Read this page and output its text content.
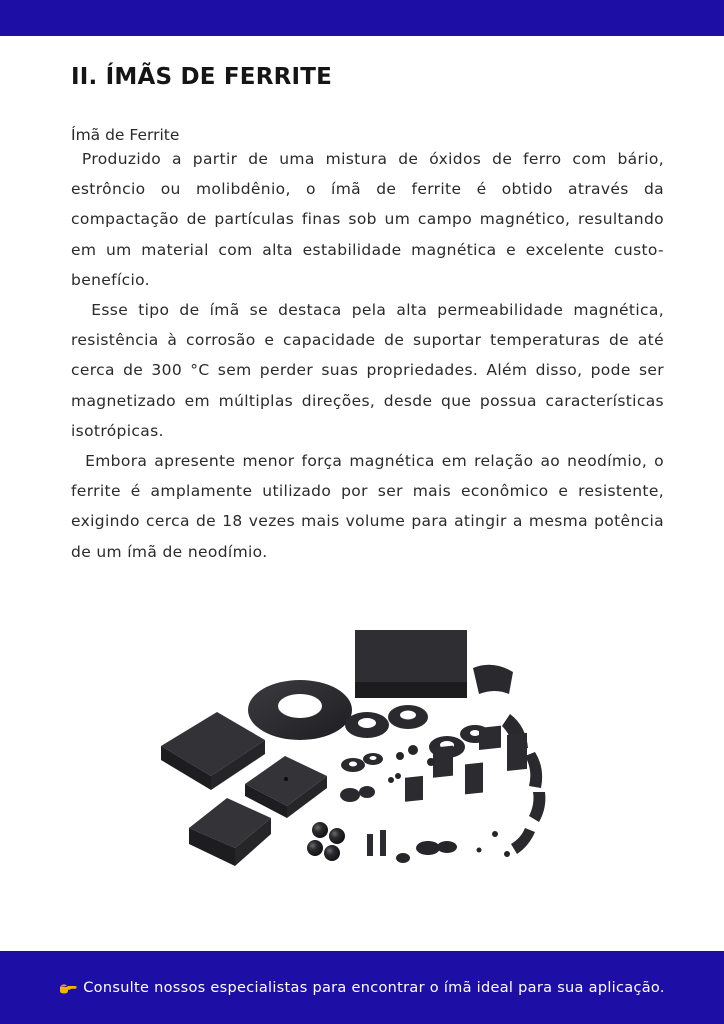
II. ÍMÃS DE FERRITE
Ímã de Ferrite

Produzido a partir de uma mistura de óxidos de ferro com bário, estrôncio ou molibdênio, o ímã de ferrite é obtido através da compactação de partículas finas sob um campo magnético, resultando em um material com alta estabilidade magnética e excelente custo-benefício.

Esse tipo de ímã se destaca pela alta permeabilidade magnética, resistência à corrosão e capacidade de suportar temperaturas de até cerca de 300 °C sem perder suas propriedades. Além disso, pode ser magnetizado em múltiplas direções, desde que possua características isotrópicas.

Embora apresente menor força magnética em relação ao neodímio, o ferrite é amplamente utilizado por ser mais econômico e resistente, exigindo cerca de 18 vezes mais volume para atingir a mesma potência de um ímã de neodímio.

Consulte nossos especialistas para encontrar o ímã ideal para sua aplicação.
